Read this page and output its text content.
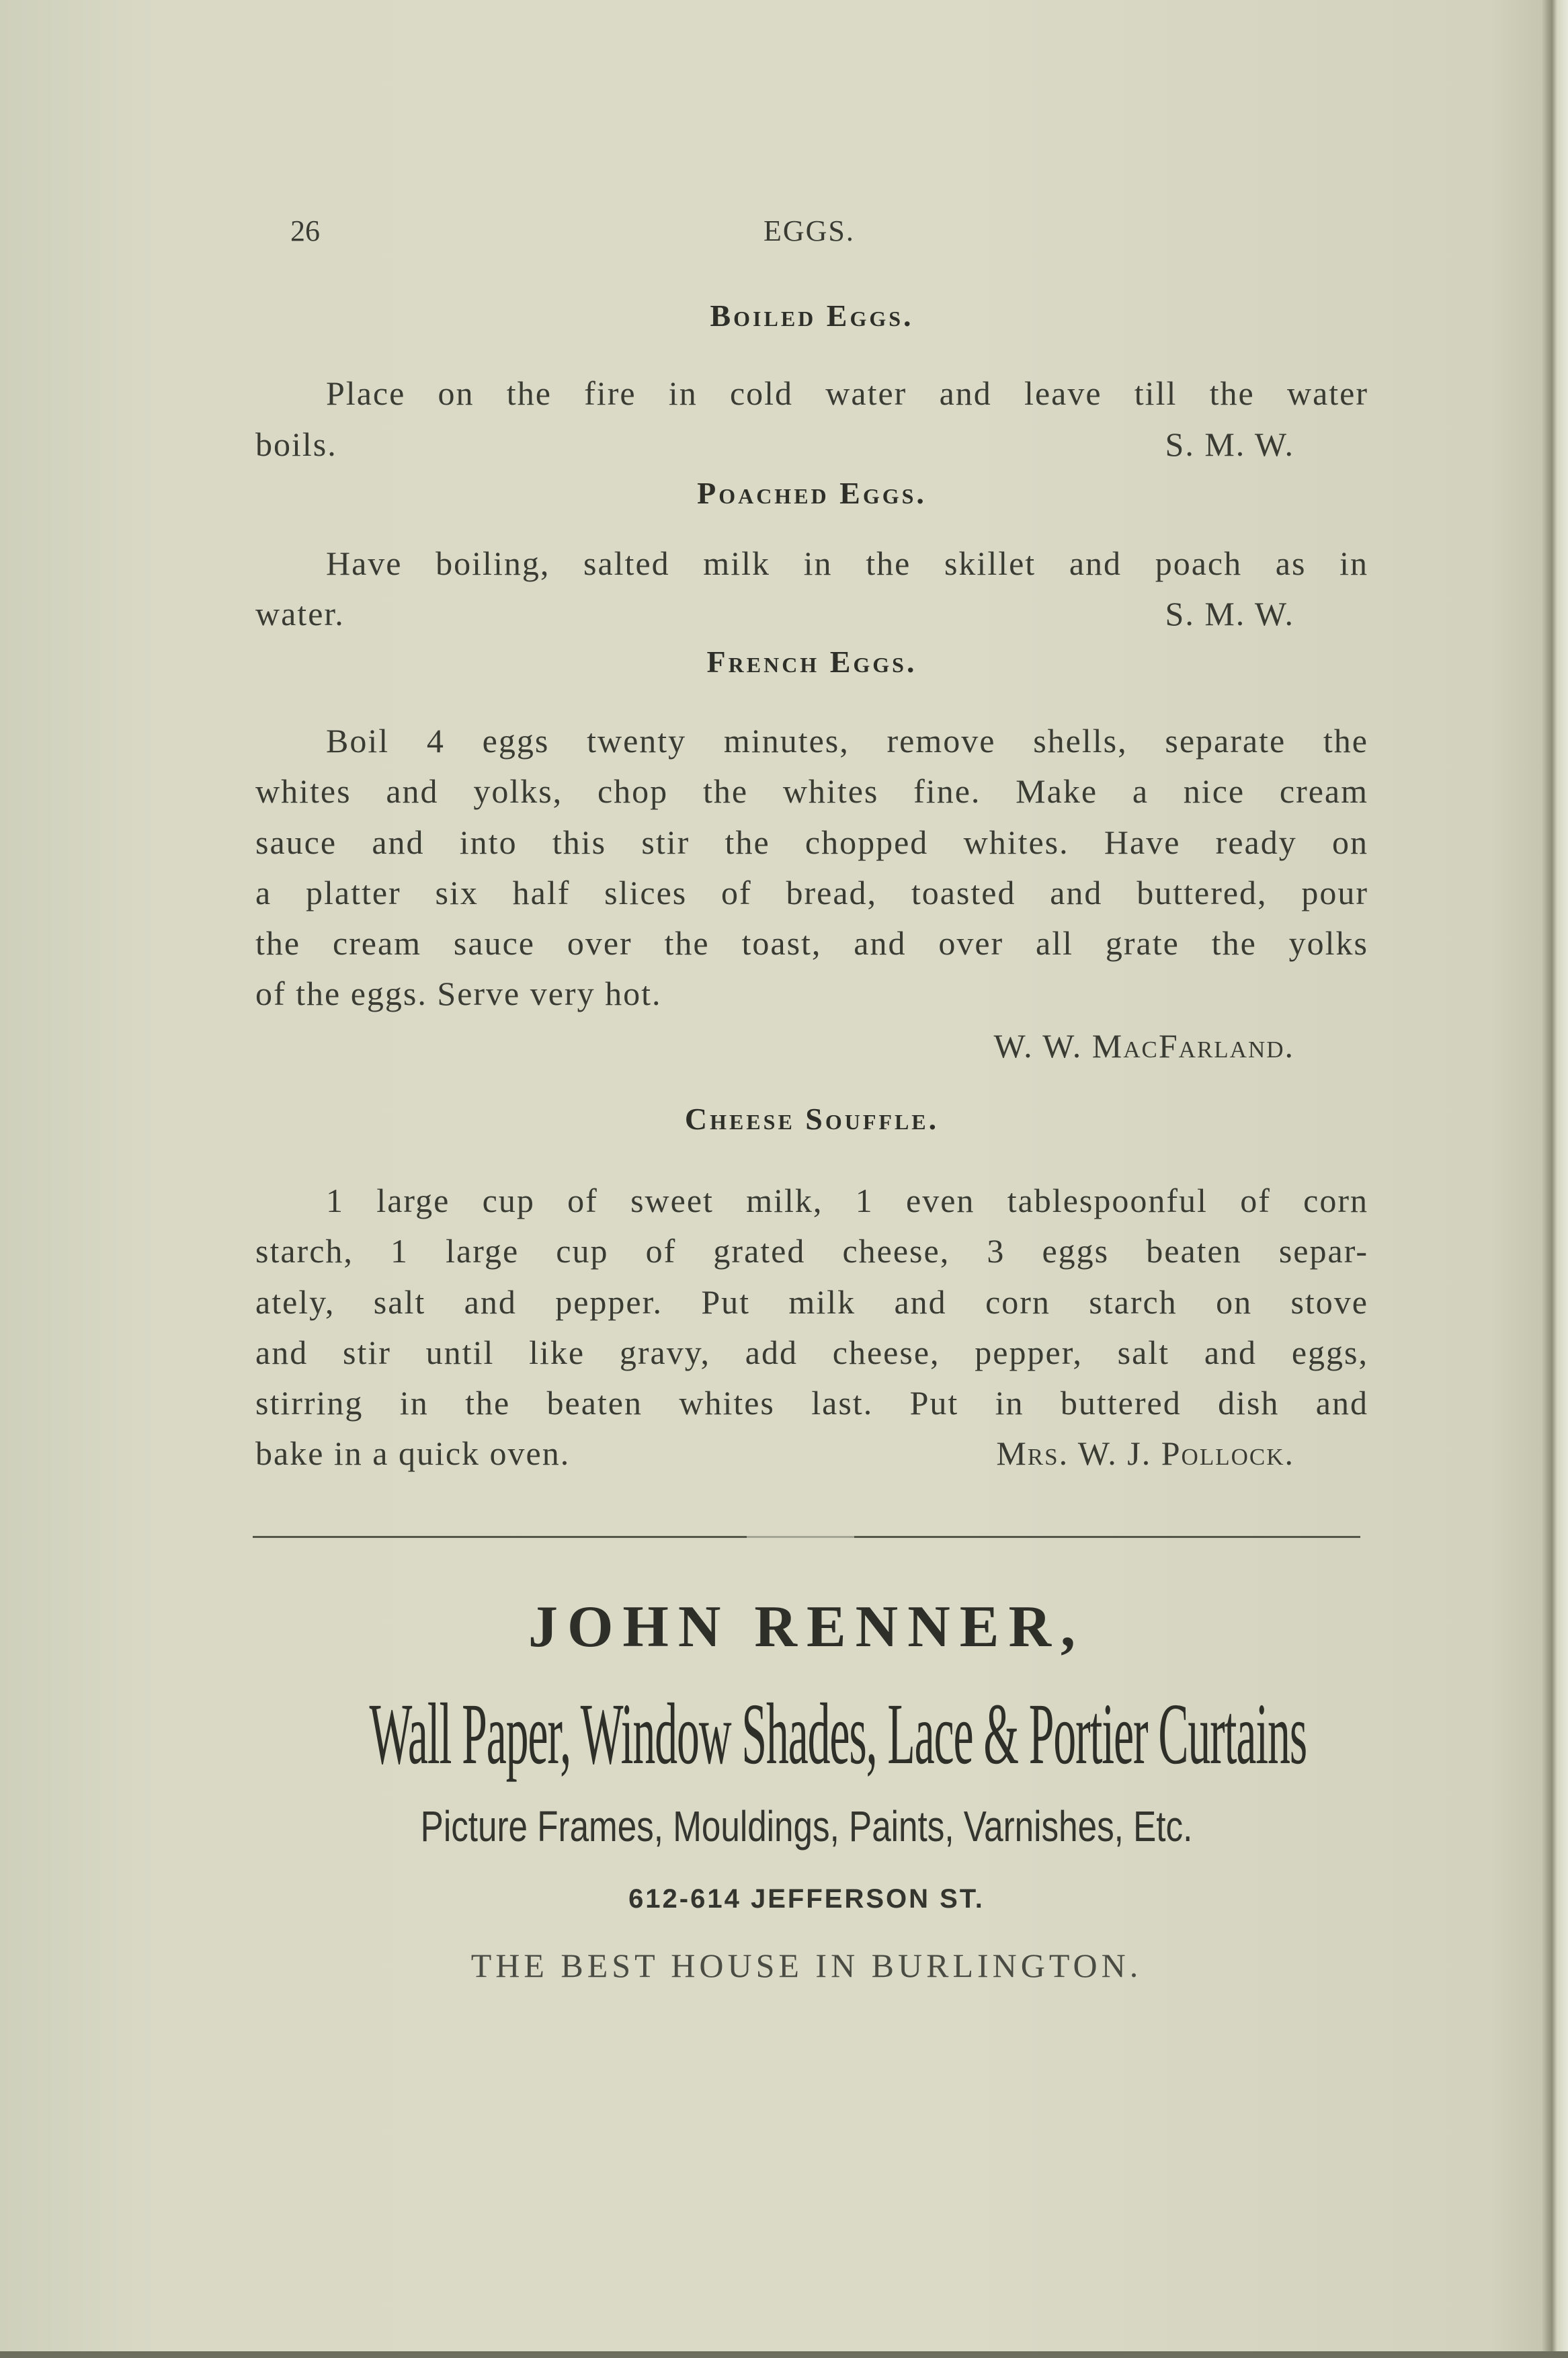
26	EGGS.
Boiled Eggs.
Place on the fire in cold water and leave till the water
boils.	S. M. W.
Poached Eggs.
Have boiling, salted milk in the skillet and poach as in
water.	S. M. W.
French Eggs.
Boil 4 eggs twenty minutes, remove shells, separate the
whites and yolks, chop the whites fine. Make a nice cream
sauce and into this stir the chopped whites. Have ready on
a platter six half slices of bread, toasted and buttered, pour
the cream sauce over the toast, and over all grate the yolks
of the eggs. Serve very hot.
W. W. MacFarland.
Cheese Souffle.
1 large cup of sweet milk, 1 even tablespoonful of corn
starch, 1 large cup of grated cheese, 3 eggs beaten separ-
ately, salt and pepper. Put milk and corn starch on stove
and stir until like gravy, add cheese, pepper, salt and eggs,
stirring in the beaten whites last. Put in buttered dish and
bake in a quick oven.	Mrs. W. J. Pollock.
JOHN RENNER,
Wall Paper, Window Shades, Lace & Portier Curtains
Picture Frames, Mouldings, Paints, Varnishes, Etc.
612-614 JEFFERSON ST.
THE BEST HOUSE IN BURLINGTON.
